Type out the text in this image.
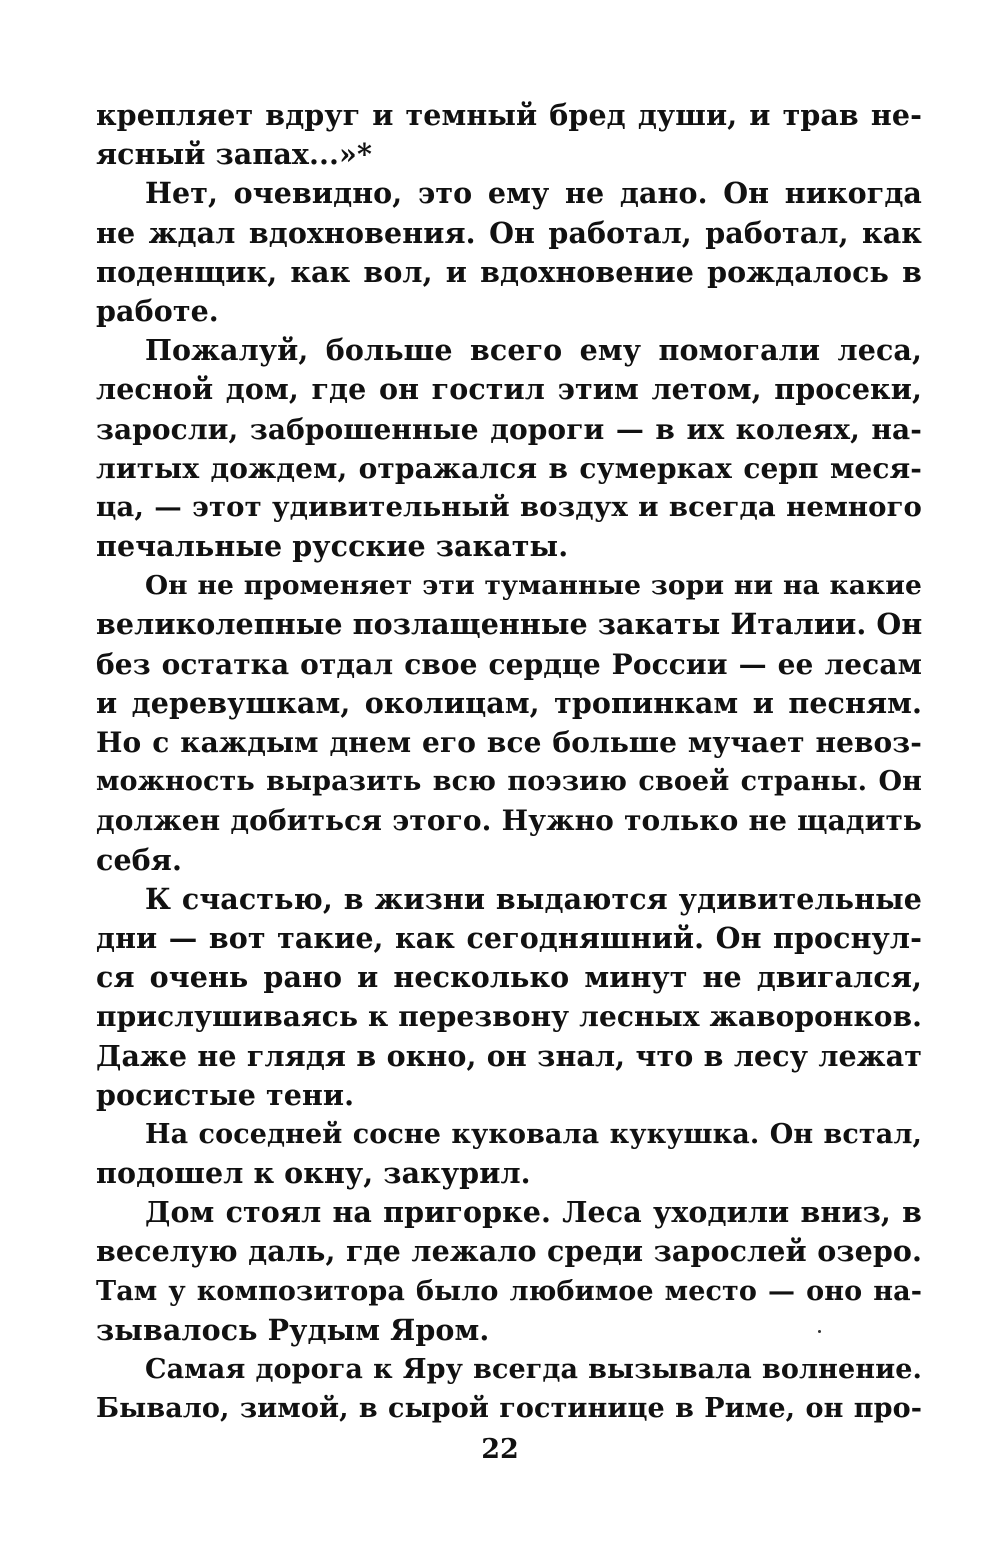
крепляет вдруг и темный бред души, и трав не-
ясный запах...»*
Нет, очевидно, это ему не дано. Он никогда
не ждал вдохновения. Он работал, работал, как
поденщик, как вол, и вдохновение рождалось в
работе.
Пожалуй, больше всего ему помогали леса,
лесной дом, где он гостил этим летом, просеки,
заросли, заброшенные дороги — в их колеях, на-
литых дождем, отражался в сумерках серп меся-
ца, — этот удивительный воздух и всегда немного
печальные русские закаты.
Он не променяет эти туманные зори ни на какие
великолепные позлащенные закаты Италии. Он
без остатка отдал свое сердце России — ее лесам
и деревушкам, околицам, тропинкам и песням.
Но с каждым днем его все больше мучает невоз-
можность выразить всю поэзию своей страны. Он
должен добиться этого. Нужно только не щадить
себя.
К счастью, в жизни выдаются удивительные
дни — вот такие, как сегодняшний. Он проснул-
ся очень рано и несколько минут не двигался,
прислушиваясь к перезвону лесных жаворонков.
Даже не глядя в окно, он знал, что в лесу лежат
росистые тени.
На соседней сосне куковала кукушка. Он встал,
подошел к окну, закурил.
Дом стоял на пригорке. Леса уходили вниз, в
веселую даль, где лежало среди зарослей озеро.
Там у композитора было любимое место — оно на-
зывалось Рудым Яром.
Самая дорога к Яру всегда вызывала волнение.
Бывало, зимой, в сырой гостинице в Риме, он про-
22
